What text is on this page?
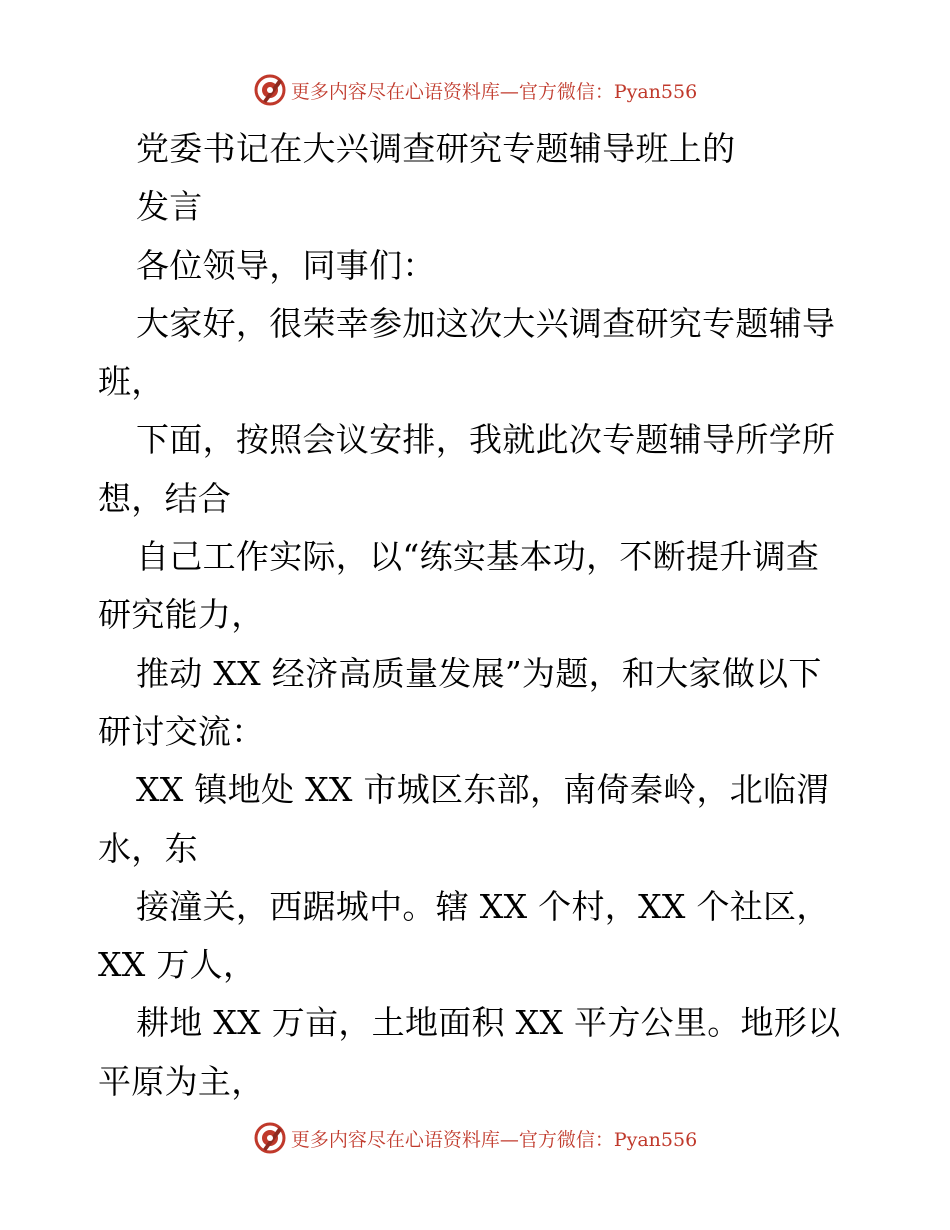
更多内容尽在心语资料库—官方微信：Pyan556
党委书记在大兴调查研究专题辅导班上的
发言
各位领导，同事们：
大家好，很荣幸参加这次大兴调查研究专题辅导
班，
下面，按照会议安排，我就此次专题辅导所学所
想，结合
自己工作实际，以“练实基本功，不断提升调查
研究能力，
推动 XX 经济高质量发展”为题，和大家做以下
研讨交流：
XX 镇地处 XX 市城区东部，南倚秦岭，北临渭
水，东
接潼关，西踞城中。辖 XX 个村，XX 个社区，
XX 万人，
耕地 XX 万亩，土地面积 XX 平方公里。地形以
平原为主，
更多内容尽在心语资料库—官方微信：Pyan556
